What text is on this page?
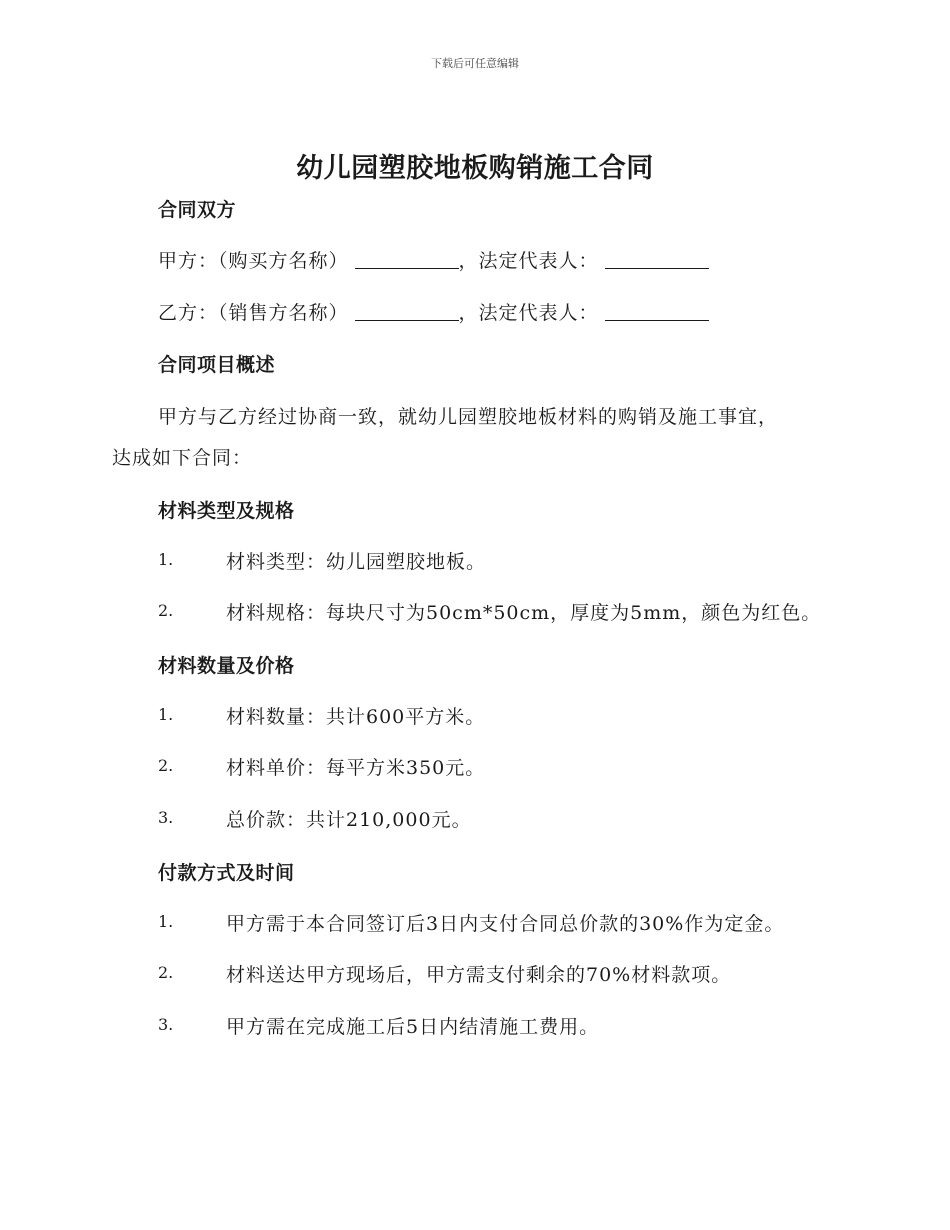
下载后可任意编辑
幼儿园塑胶地板购销施工合同
合同双方
甲方：（购买方名称）	，法定代表人：
乙方：（销售方名称）	，法定代表人：
合同项目概述
甲方与乙方经过协商一致，就幼儿园塑胶地板材料的购销及施工事宜，
达成如下合同：
材料类型及规格
1.	材料类型：幼儿园塑胶地板。
2.	材料规格：每块尺寸为50cm*50cm，厚度为5mm，颜色为红色。
材料数量及价格
1.	材料数量：共计600平方米。
2.	材料单价：每平方米350元。
3.	总价款：共计210,000元。
付款方式及时间
1.	甲方需于本合同签订后3日内支付合同总价款的30%作为定金。
2.	材料送达甲方现场后，甲方需支付剩余的70%材料款项。
3.	甲方需在完成施工后5日内结清施工费用。
